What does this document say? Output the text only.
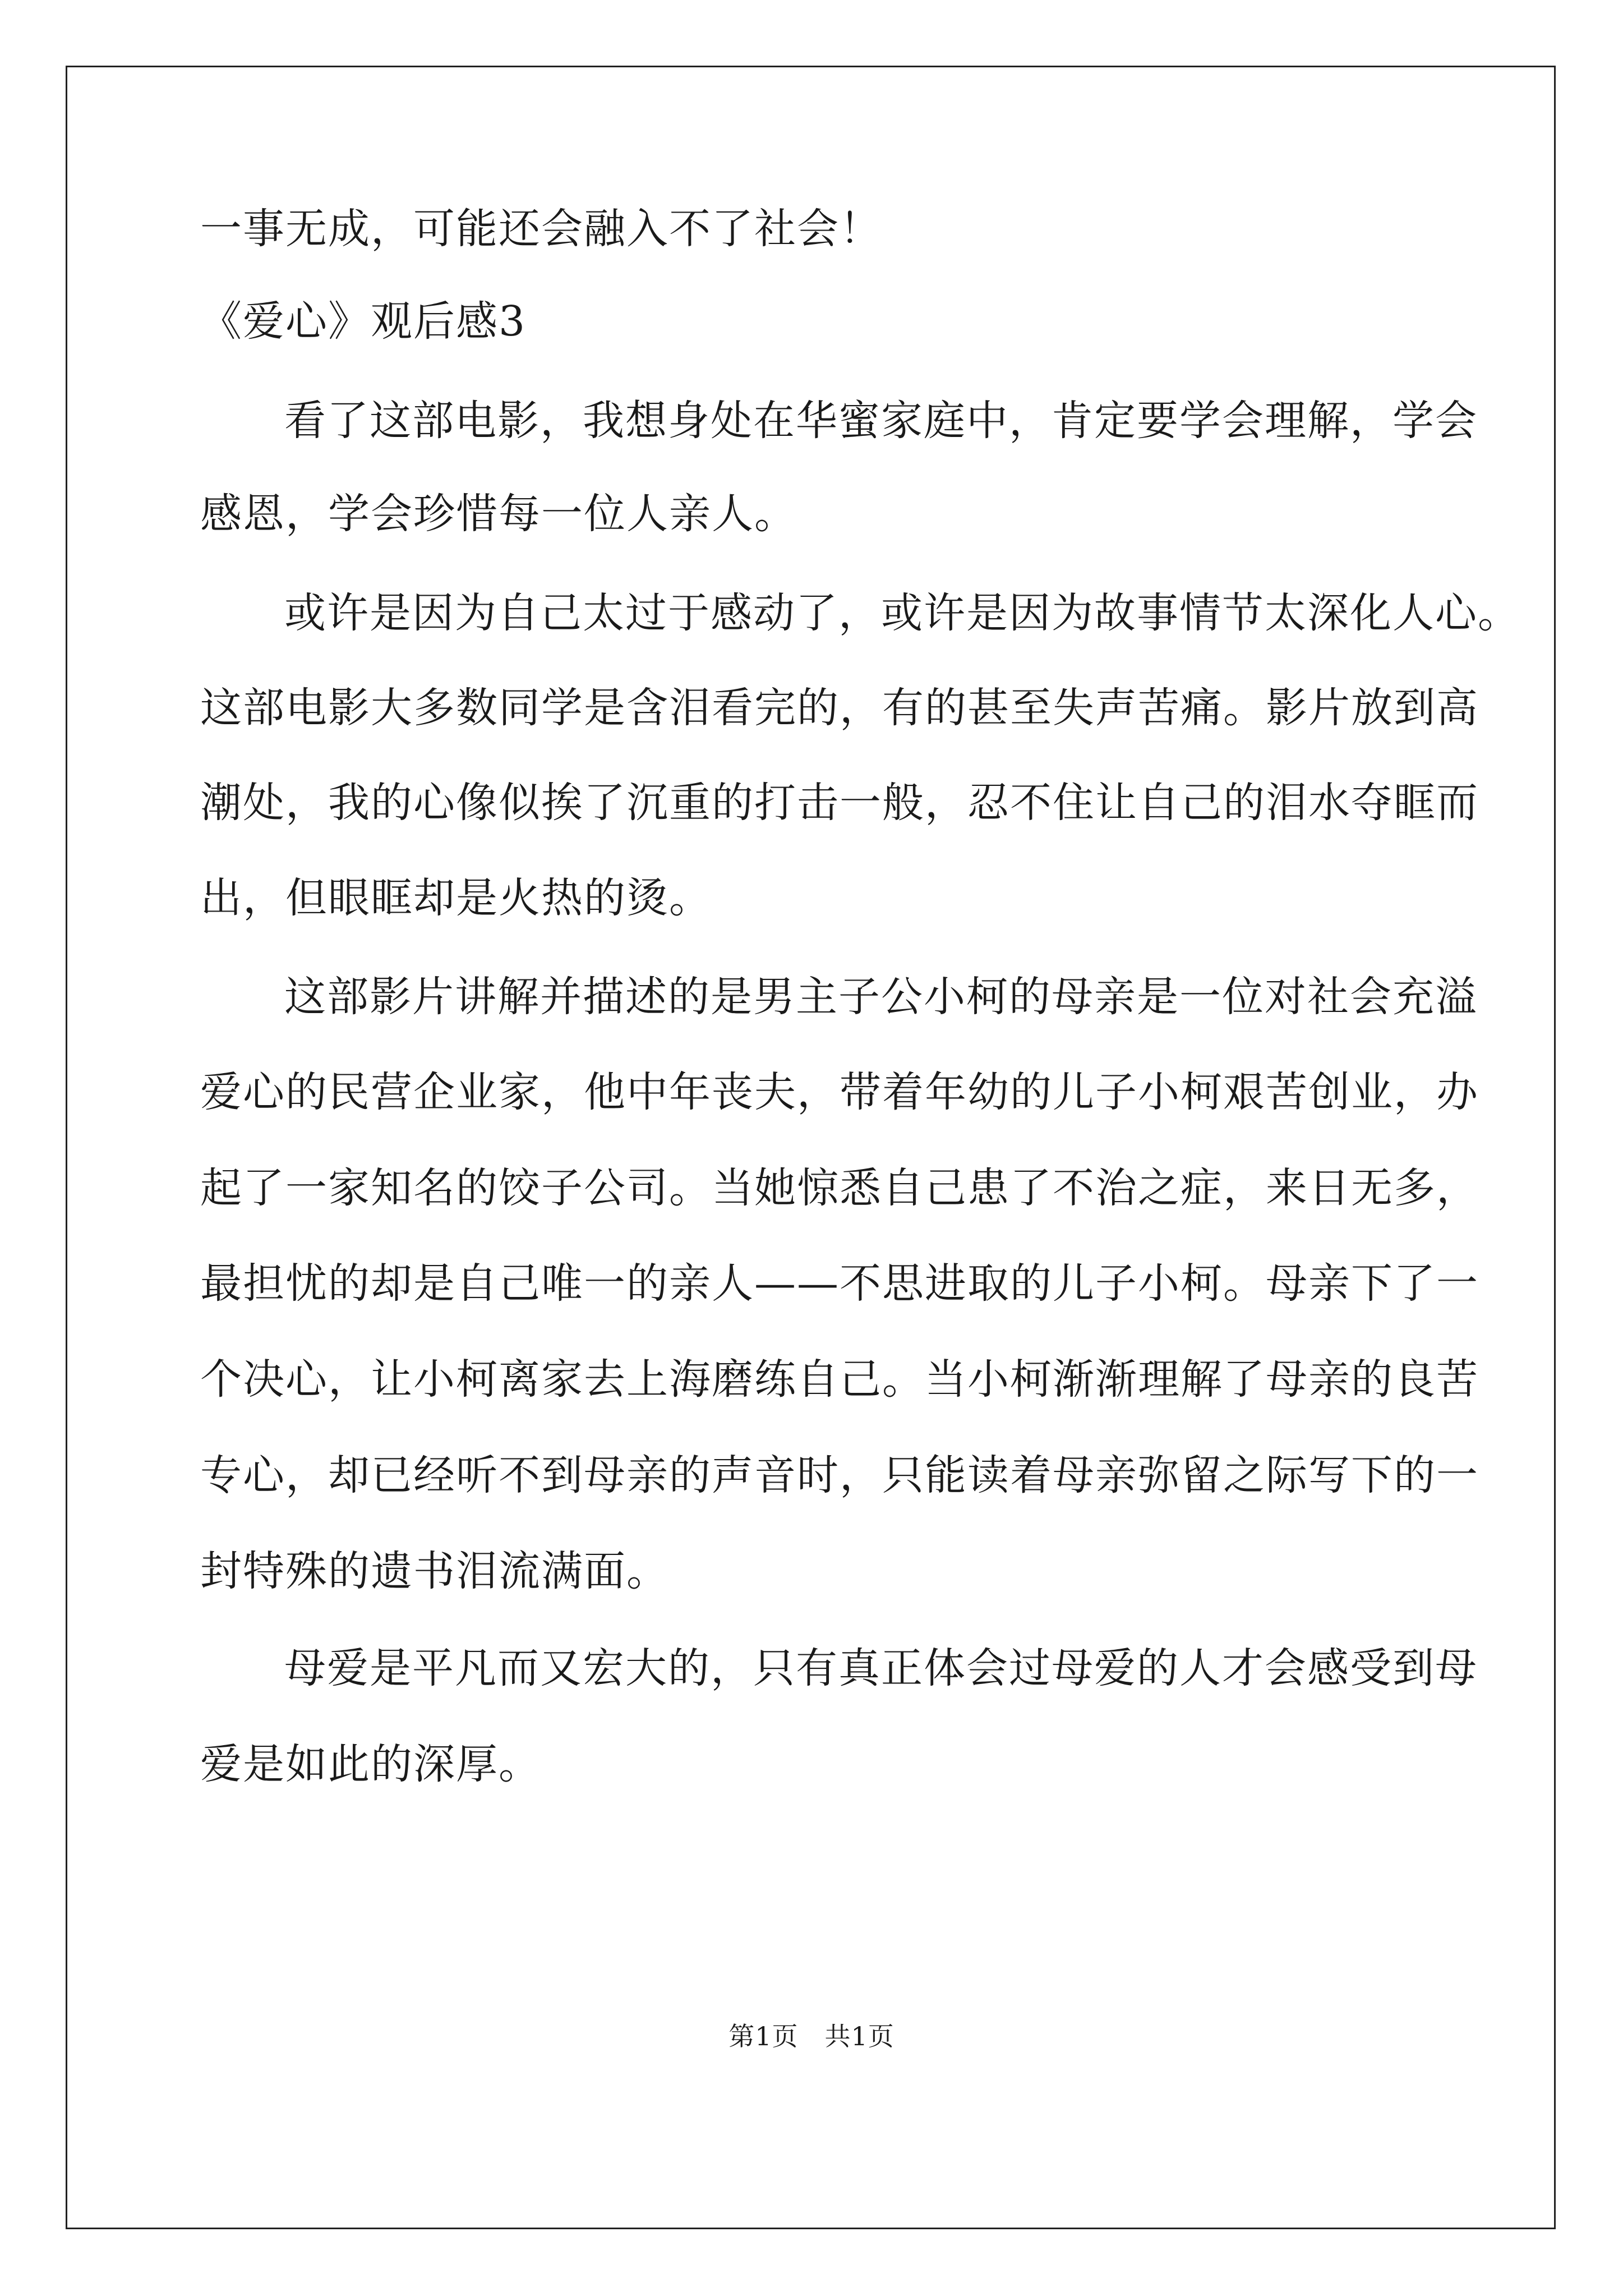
一事无成，可能还会融入不了社会！
《爱心》观后感3
看了这部电影，我想身处在华蜜家庭中，肯定要学会理解，学会
感恩，学会珍惜每一位人亲人。
或许是因为自己太过于感动了，或许是因为故事情节太深化人心。
这部电影大多数同学是含泪看完的，有的甚至失声苦痛。影片放到高
潮处，我的心像似挨了沉重的打击一般，忍不住让自己的泪水夺眶而
出，但眼眶却是火热的烫。
这部影片讲解并描述的是男主子公小柯的母亲是一位对社会充溢
爱心的民营企业家，他中年丧夫，带着年幼的儿子小柯艰苦创业，办
起了一家知名的饺子公司。当她惊悉自己患了不治之症，来日无多，
最担忧的却是自己唯一的亲人——不思进取的儿子小柯。母亲下了一
个决心，让小柯离家去上海磨练自己。当小柯渐渐理解了母亲的良苦
专心，却已经听不到母亲的声音时，只能读着母亲弥留之际写下的一
封特殊的遗书泪流满面。
母爱是平凡而又宏大的，只有真正体会过母爱的人才会感受到母
爱是如此的深厚。
第1页　共1页
